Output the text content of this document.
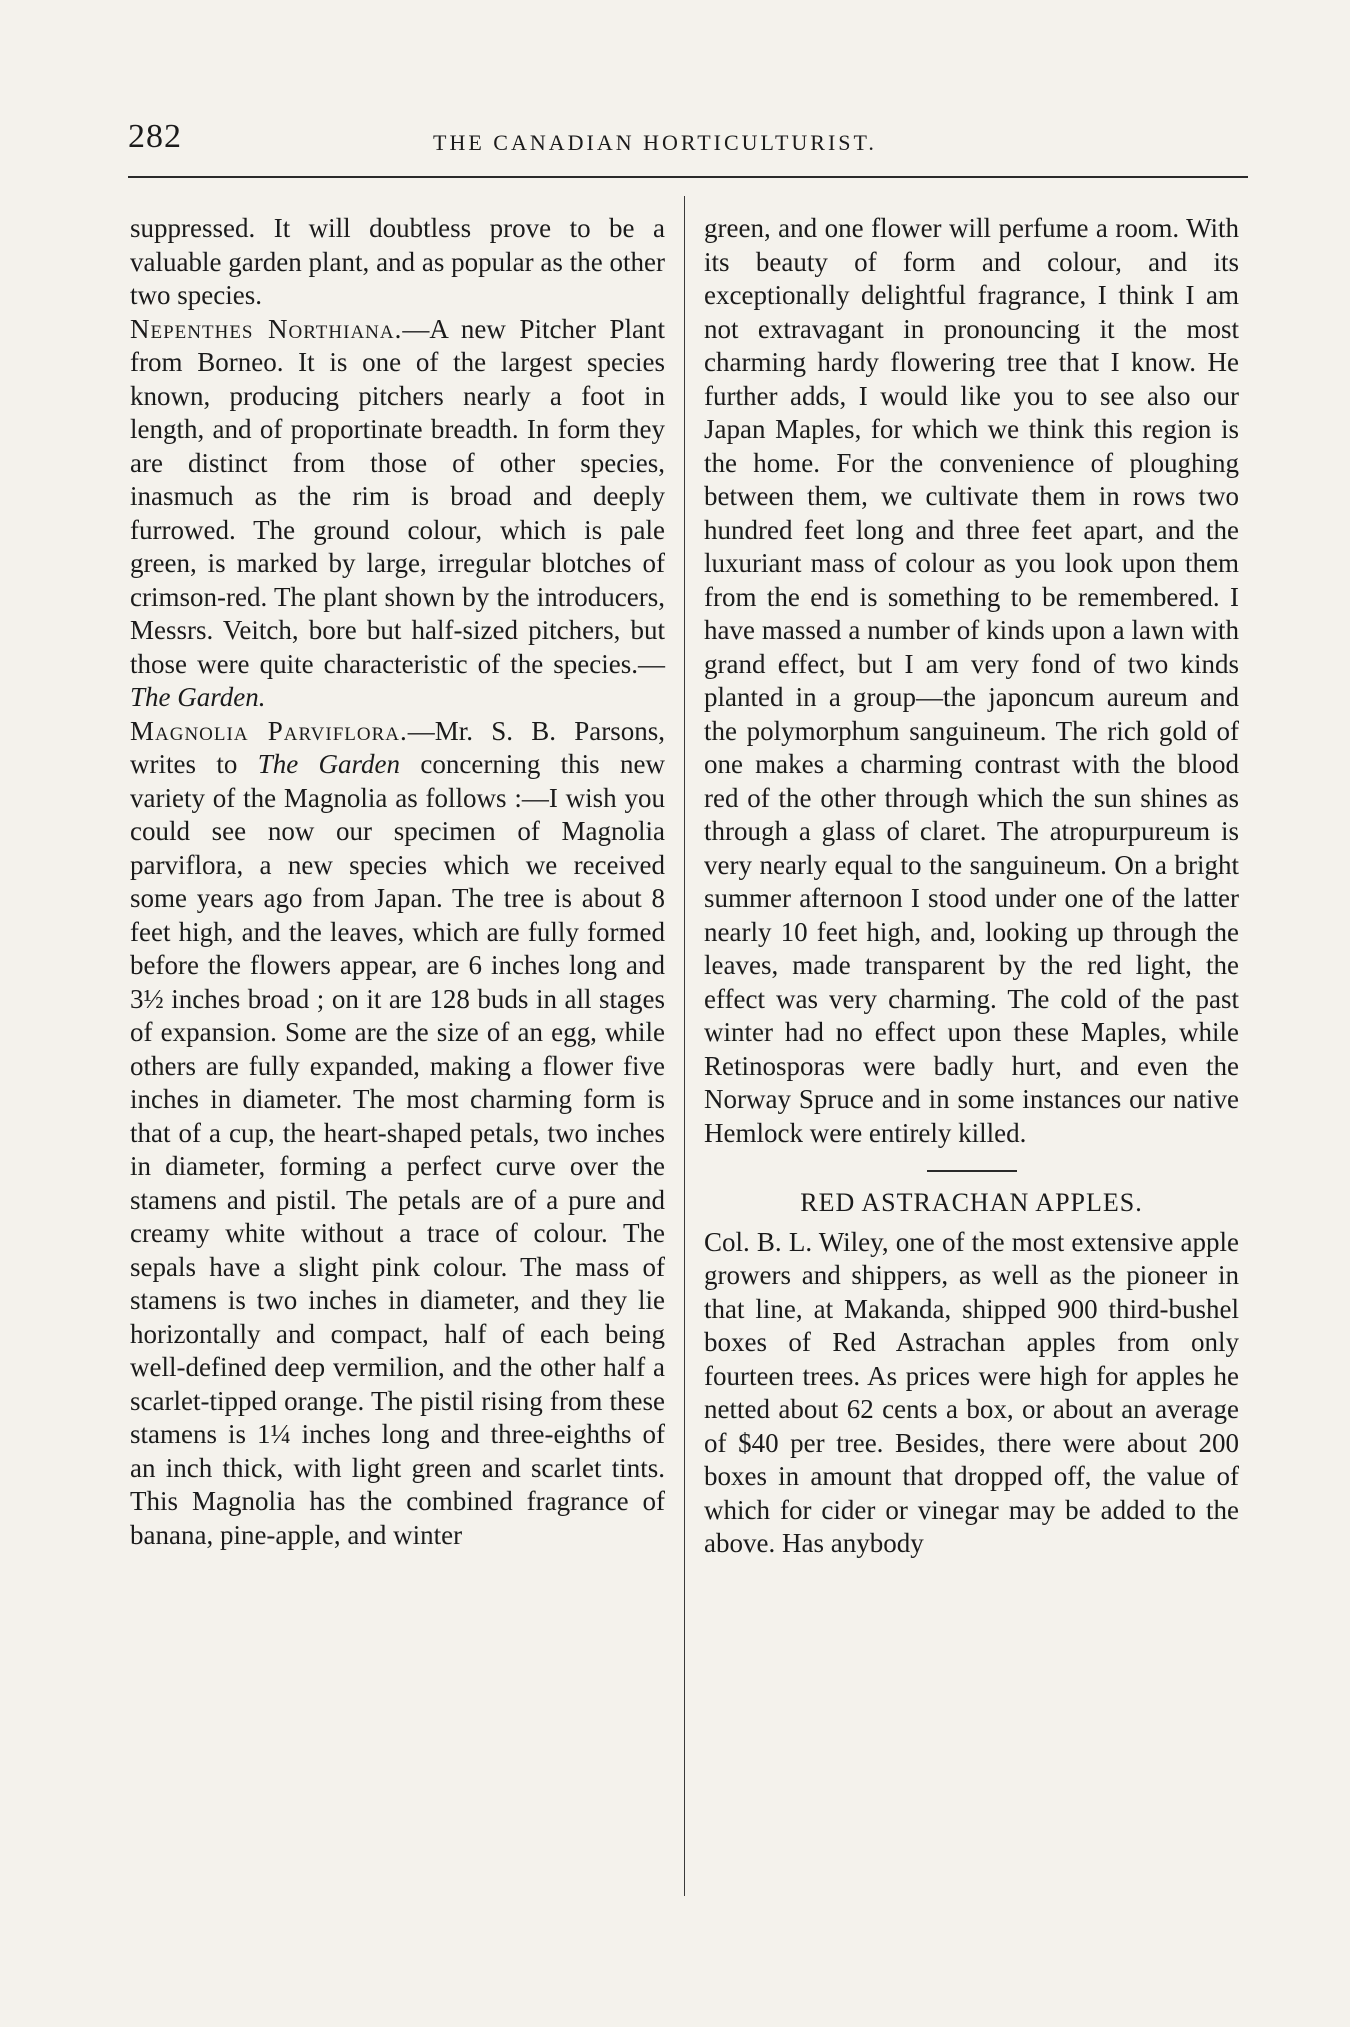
282	THE CANADIAN HORTICULTURIST.

suppressed. It will doubtless prove to be a valuable garden plant, and as popular as the other two species.

Nepenthes Northiana.—A new Pitcher Plant from Borneo. It is one of the largest species known, producing pitchers nearly a foot in length, and of proportinate breadth. In form they are distinct from those of other species, inasmuch as the rim is broad and deeply furrowed. The ground colour, which is pale green, is marked by large, irregular blotches of crimson-red. The plant shown by the introducers, Messrs. Veitch, bore but half-sized pitchers, but those were quite characteristic of the species.—The Garden.

Magnolia Parviflora.—Mr. S. B. Parsons, writes to The Garden concerning this new variety of the Magnolia as follows :—I wish you could see now our specimen of Magnolia parviflora, a new species which we received some years ago from Japan. The tree is about 8 feet high, and the leaves, which are fully formed before the flowers appear, are 6 inches long and 3½ inches broad ; on it are 128 buds in all stages of expansion. Some are the size of an egg, while others are fully expanded, making a flower five inches in diameter. The most charming form is that of a cup, the heart-shaped petals, two inches in diameter, forming a perfect curve over the stamens and pistil. The petals are of a pure and creamy white without a trace of colour. The sepals have a slight pink colour. The mass of stamens is two inches in diameter, and they lie horizontally and compact, half of each being well-defined deep vermilion, and the other half a scarlet-tipped orange. The pistil rising from these stamens is 1¼ inches long and three-eighths of an inch thick, with light green and scarlet tints. This Magnolia has the combined fragrance of banana, pine-apple, and winter

green, and one flower will perfume a room. With its beauty of form and colour, and its exceptionally delightful fragrance, I think I am not extravagant in pronouncing it the most charming hardy flowering tree that I know. He further adds, I would like you to see also our Japan Maples, for which we think this region is the home. For the convenience of ploughing between them, we cultivate them in rows two hundred feet long and three feet apart, and the luxuriant mass of colour as you look upon them from the end is something to be remembered. I have massed a number of kinds upon a lawn with grand effect, but I am very fond of two kinds planted in a group—the japoncum aureum and the polymorphum sanguineum. The rich gold of one makes a charming contrast with the blood red of the other through which the sun shines as through a glass of claret. The atropurpureum is very nearly equal to the sanguineum. On a bright summer afternoon I stood under one of the latter nearly 10 feet high, and, looking up through the leaves, made transparent by the red light, the effect was very charming. The cold of the past winter had no effect upon these Maples, while Retinosporas were badly hurt, and even the Norway Spruce and in some instances our native Hemlock were entirely killed.

RED ASTRACHAN APPLES.

Col. B. L. Wiley, one of the most extensive apple growers and shippers, as well as the pioneer in that line, at Makanda, shipped 900 third-bushel boxes of Red Astrachan apples from only fourteen trees. As prices were high for apples he netted about 62 cents a box, or about an average of $40 per tree. Besides, there were about 200 boxes in amount that dropped off, the value of which for cider or vinegar may be added to the above. Has anybody
